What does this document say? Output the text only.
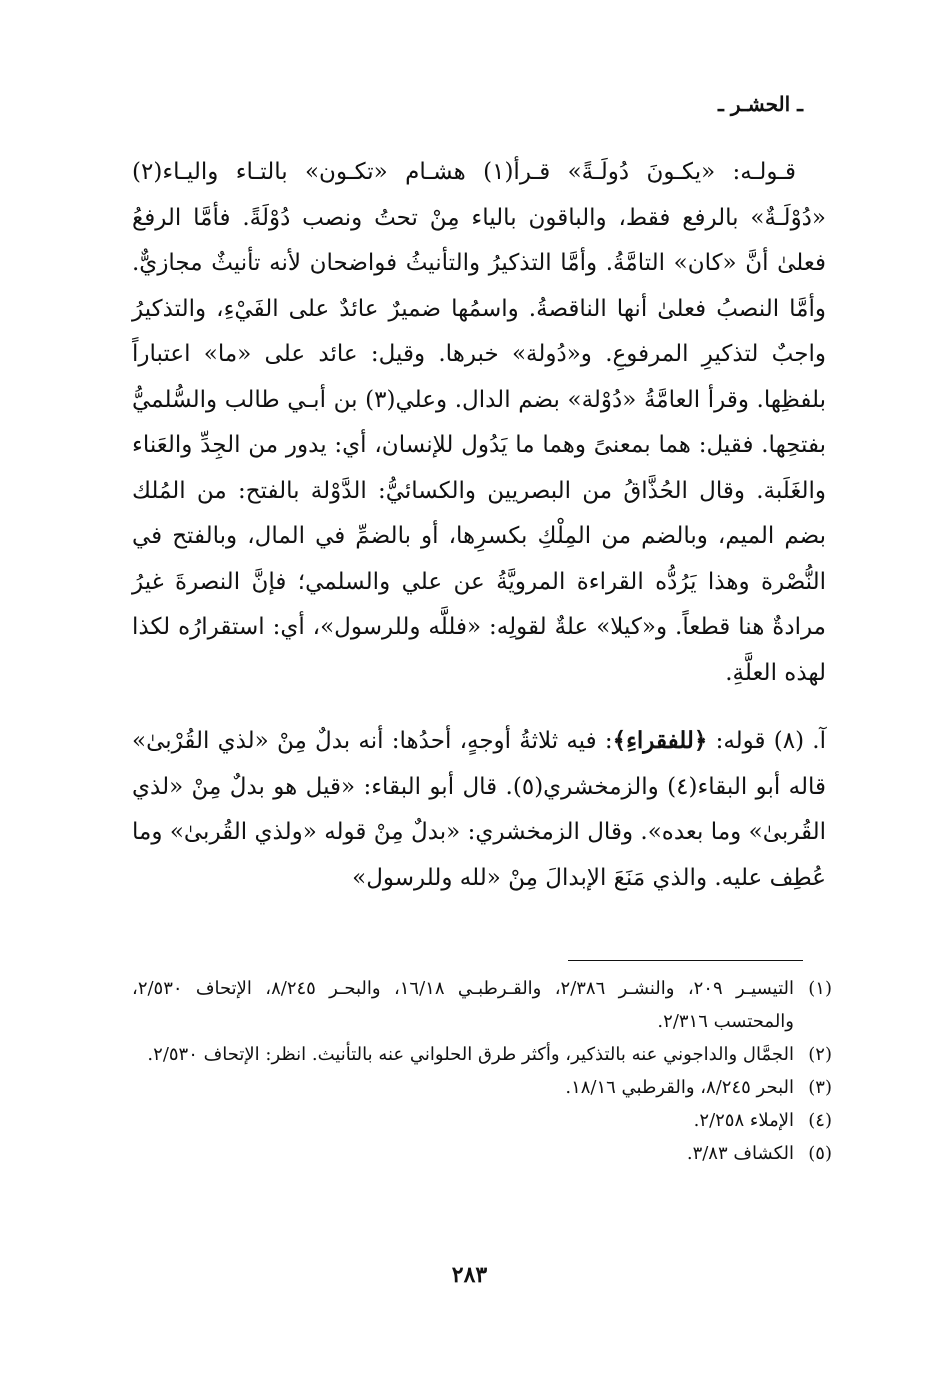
ـ الحشـر ـ

قـولـه: «يكـونَ دُولَـةً» قـرأ(١) هشـام «تكـون» بالتـاء واليـاء(٢) «دُوْلَـةٌ» بالرفع فقط، والباقون بالياء مِنْ تحتُ ونصب دُوْلَةً. فأمَّا الرفعُ فعلىٰ أنَّ «كان» التامَّةُ. وأمَّا التذكيرُ والتأنيثُ فواضحان لأنه تأنيثٌ مجازيٌّ. وأمَّا النصبُ فعلىٰ أنها الناقصةُ. واسمُها ضميرٌ عائدٌ على الفَيْءِ، والتذكيرُ واجبٌ لتذكيرِ المرفوعِ. و«دُولة» خبرها. وقيل: عائد على «ما» اعتباراً بلفظِها. وقرأ العامَّةُ «دُوْلة» بضم الدال. وعلي(٣) بن أبـي طالب والسُّلميُّ بفتحِها. فقيل: هما بمعنىً وهما ما يَدُول للإنسان، أي: يدور من الجِدِّ والعَناء والغَلَبة. وقال الحُذَّاقُ من البصريين والكسائيُّ: الدَّوْلة بالفتح: من المُلك بضم الميم، وبالضم من المِلْكِ بكسرِها، أو بالضمِّ في المال، وبالفتح في النُّصْرة وهذا يَرُدُّه القراءة المرويَّةُ عن علي والسلمي؛ فإنَّ النصرةَ غيرُ مرادةٌ هنا قطعاً. و«كيلا» علةٌ لقولِه: «فللَّه وللرسول»، أي: استقرارُه لكذا لهذه العلَّةِ.

آ. (٨) قوله: ﴿للفقراءِ﴾: فيه ثلاثةُ أوجهٍ، أحدُها: أنه بدلٌ مِنْ «لذي القُرْبىٰ» قاله أبو البقاء(٤) والزمخشري(٥). قال أبو البقاء: «قيل هو بدلٌ مِنْ «لذي القُربىٰ» وما بعده». وقال الزمخشري: «بدلٌ مِنْ قوله «ولذي القُربىٰ» وما عُطِف عليه. والذي مَنَعَ الإبدالَ مِنْ «لله وللرسول»

(١)
التيسيـر ٢٠٩، والنشـر ٢/٣٨٦، والقـرطبـي ١٦/١٨، والبحـر ٨/٢٤٥، الإتحاف ٢/٥٣٠، والمحتسب ٢/٣١٦.
(٢)
الجمَّال والداجوني عنه بالتذكير، وأكثر طرق الحلواني عنه بالتأنيث. انظر: الإتحاف ٢/٥٣٠.
(٣)
البحر ٨/٢٤٥، والقرطبي ١٨/١٦.
(٤)
الإملاء ٢/٢٥٨.
(٥)
الكشاف ٣/٨٣.
٢٨٣
